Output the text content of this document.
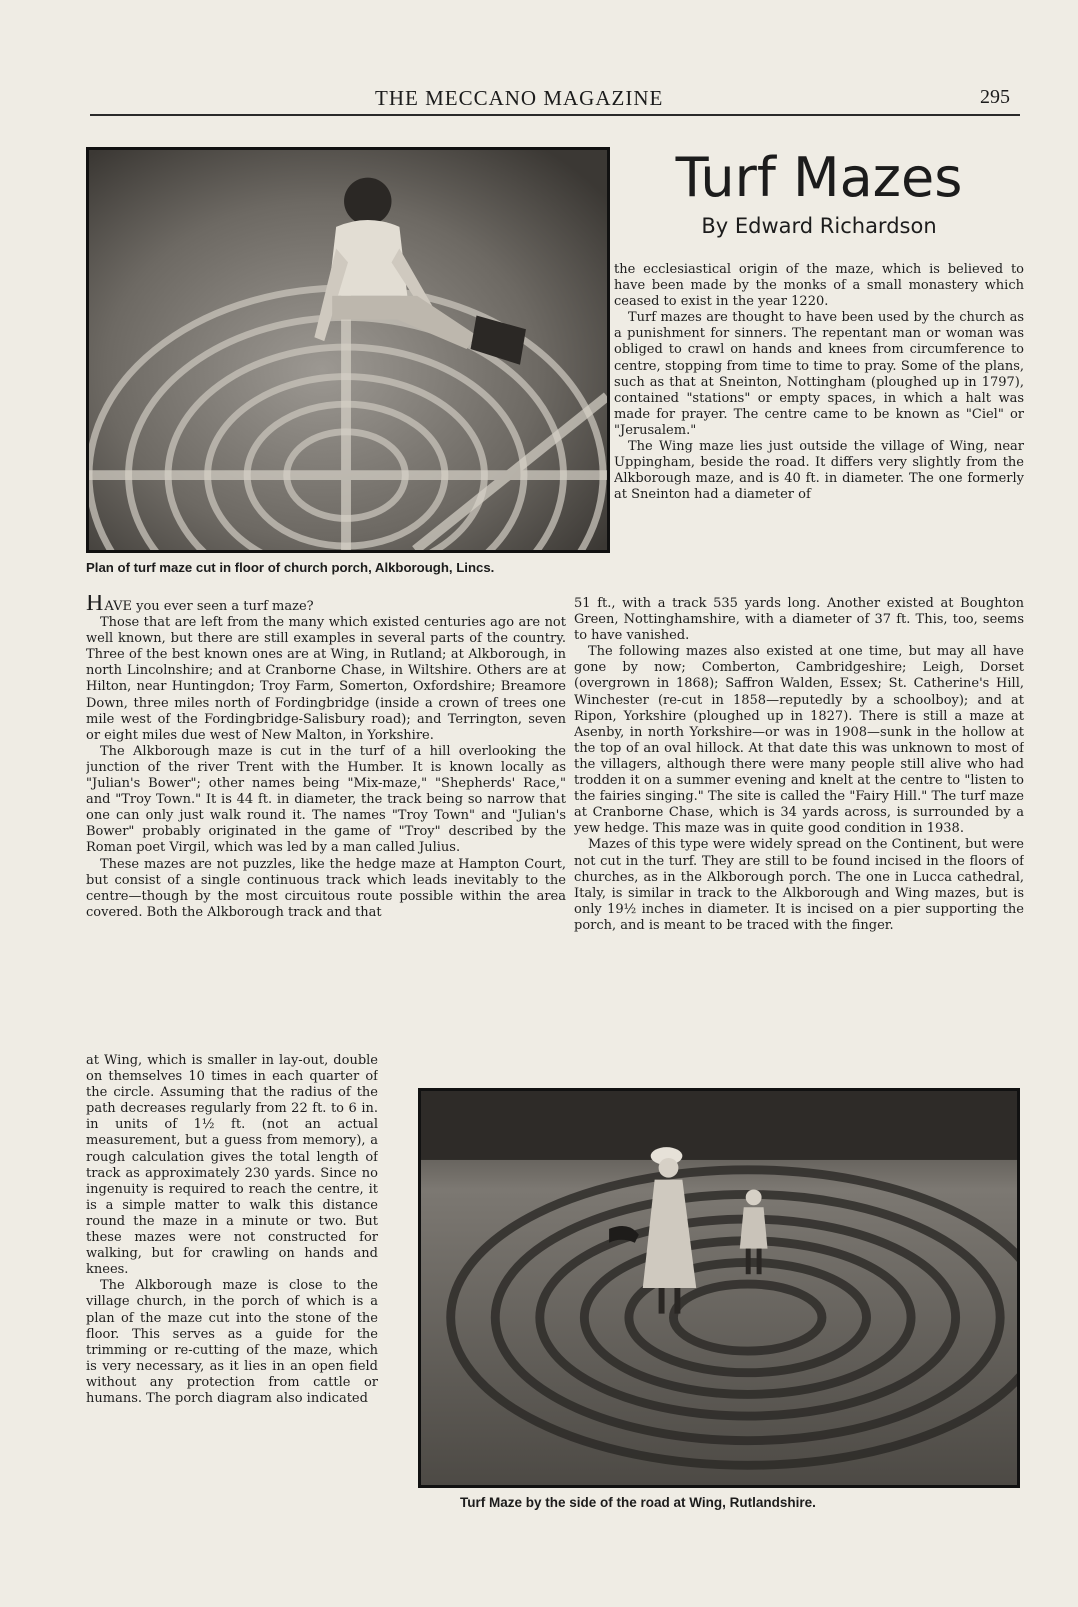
THE MECCANO MAGAZINE	295
Plan of turf maze cut in floor of church porch, Alkborough, Lincs.
Turf Mazes
By Edward Richardson

HAVE you ever seen a turf maze?

Those that are left from the many which existed centuries ago are not well known, but there are still examples in several parts of the country. Three of the best known ones are at Wing, in Rutland; at Alkborough, in north Lincolnshire; and at Cranborne Chase, in Wiltshire. Others are at Hilton, near Huntingdon; Troy Farm, Somerton, Oxfordshire; Breamore Down, three miles north of Fordingbridge (inside a crown of trees one mile west of the Fordingbridge-Salisbury road); and Terrington, seven or eight miles due west of New Malton, in Yorkshire.

The Alkborough maze is cut in the turf of a hill overlooking the junction of the river Trent with the Humber. It is known locally as "Julian's Bower"; other names being "Mix-maze," "Shepherds' Race," and "Troy Town." It is 44 ft. in diameter, the track being so narrow that one can only just walk round it. The names "Troy Town" and "Julian's Bower" probably originated in the game of "Troy" described by the Roman poet Virgil, which was led by a man called Julius.

These mazes are not puzzles, like the hedge maze at Hampton Court, but consist of a single continuous track which leads inevitably to the centre—though by the most circuitous route possible within the area covered. Both the Alkborough track and that

at Wing, which is smaller in lay-out, double on themselves 10 times in each quarter of the circle. Assuming that the radius of the path decreases regularly from 22 ft. to 6 in. in units of 1½ ft. (not an actual measurement, but a guess from memory), a rough calculation gives the total length of track as approximately 230 yards. Since no ingenuity is required to reach the centre, it is a simple matter to walk this distance round the maze in a minute or two. But these mazes were not constructed for walking, but for crawling on hands and knees.

The Alkborough maze is close to the village church, in the porch of which is a plan of the maze cut into the stone of the floor. This serves as a guide for the trimming or re-cutting of the maze, which is very necessary, as it lies in an open field without any protection from cattle or humans. The porch diagram also indicated

the ecclesiastical origin of the maze, which is believed to have been made by the monks of a small monastery which ceased to exist in the year 1220.

Turf mazes are thought to have been used by the church as a punishment for sinners. The repentant man or woman was obliged to crawl on hands and knees from circumference to centre, stopping from time to time to pray. Some of the plans, such as that at Sneinton, Nottingham (ploughed up in 1797), contained "stations" or empty spaces, in which a halt was made for prayer. The centre came to be known as "Ciel" or "Jerusalem."

The Wing maze lies just outside the village of Wing, near Uppingham, beside the road. It differs very slightly from the Alkborough maze, and is 40 ft. in diameter. The one formerly at Sneinton had a diameter of

51 ft., with a track 535 yards long. Another existed at Boughton Green, Nottinghamshire, with a diameter of 37 ft. This, too, seems to have vanished.

The following mazes also existed at one time, but may all have gone by now; Comberton, Cambridgeshire; Leigh, Dorset (overgrown in 1868); Saffron Walden, Essex; St. Catherine's Hill, Winchester (re-cut in 1858—reputedly by a schoolboy); and at Ripon, Yorkshire (ploughed up in 1827). There is still a maze at Asenby, in north Yorkshire—or was in 1908—sunk in the hollow at the top of an oval hillock. At that date this was unknown to most of the villagers, although there were many people still alive who had trodden it on a summer evening and knelt at the centre to "listen to the fairies singing." The site is called the "Fairy Hill." The turf maze at Cranborne Chase, which is 34 yards across, is surrounded by a yew hedge. This maze was in quite good condition in 1938.

Mazes of this type were widely spread on the Continent, but were not cut in the turf. They are still to be found incised in the floors of churches, as in the Alkborough porch. The one in Lucca cathedral, Italy, is similar in track to the Alkborough and Wing mazes, but is only 19½ inches in diameter. It is incised on a pier supporting the porch, and is meant to be traced with the finger.

Turf Maze by the side of the road at Wing, Rutlandshire.
